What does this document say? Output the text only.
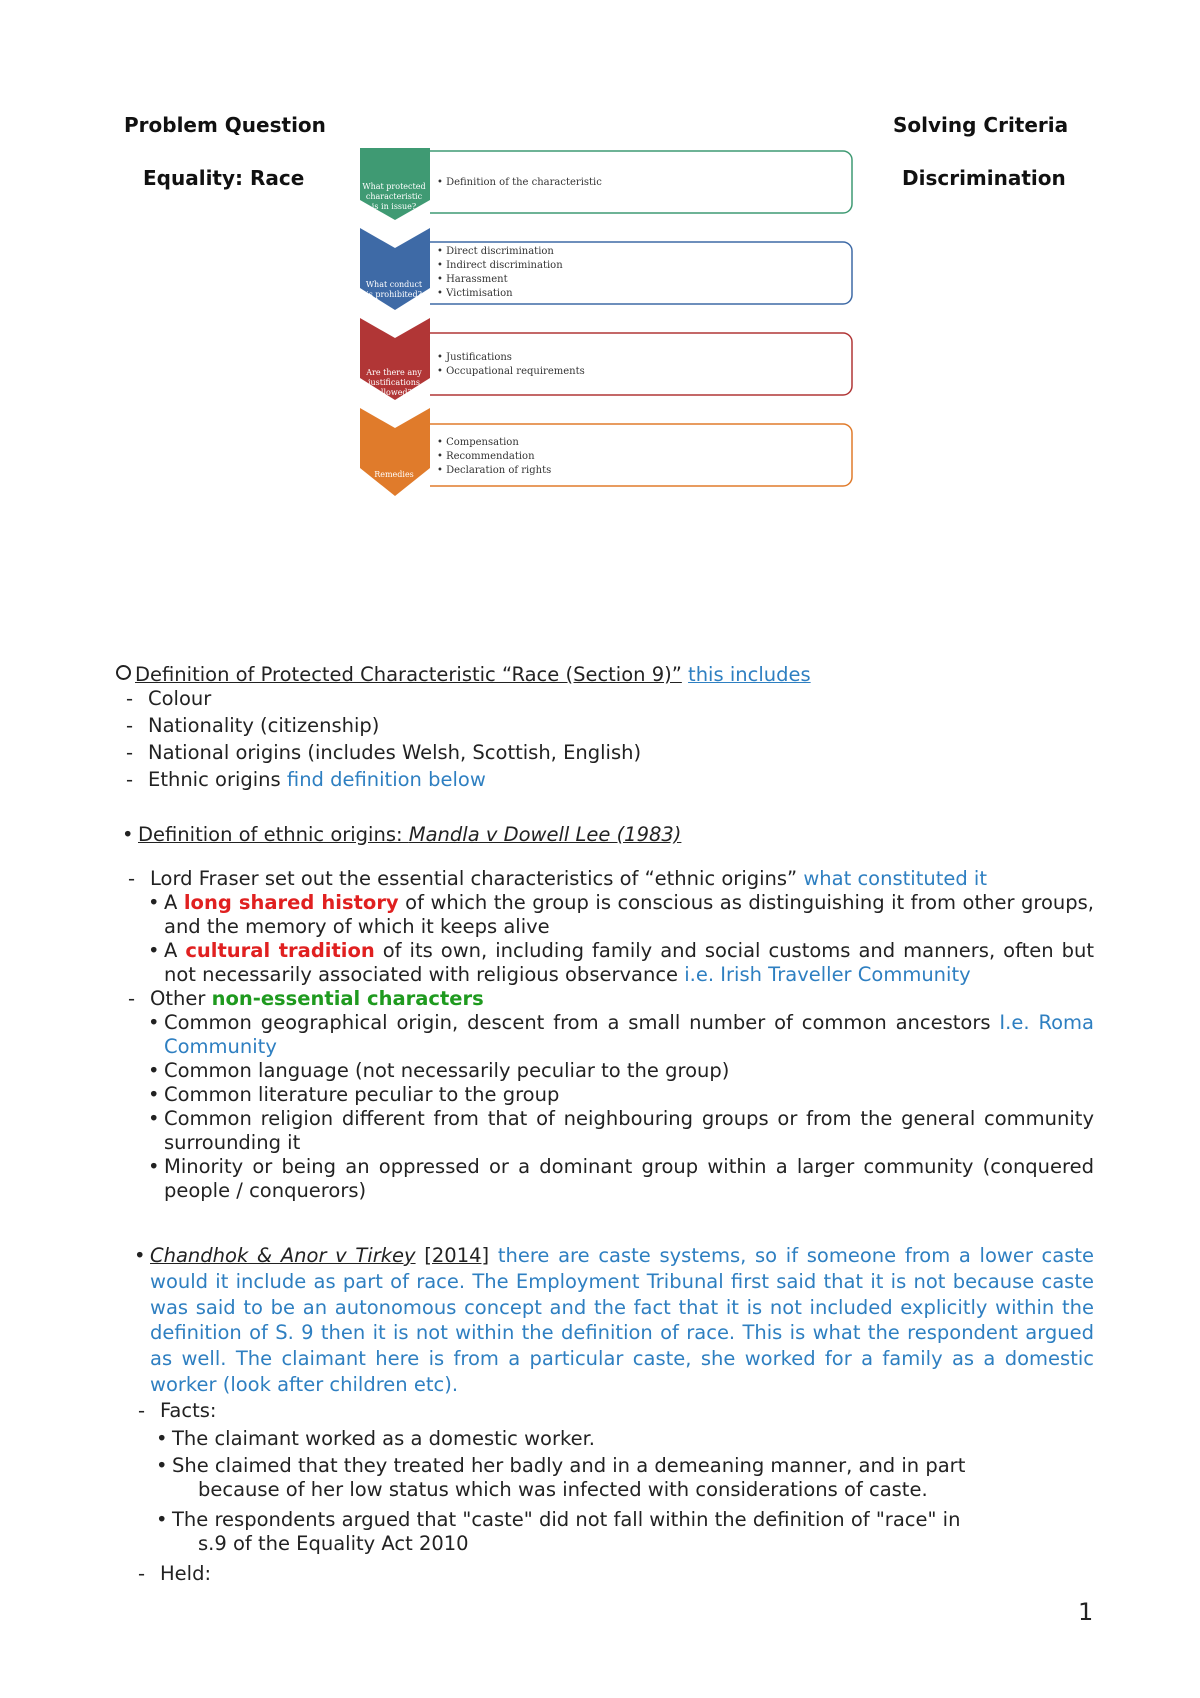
Problem Question
Equality: Race
Solving Criteria
Discrimination
What protected characteristic is in issue?
What conduct is prohibited?
Are there any justifications allowed?
Remedies
• Definition of the characteristic
• Direct discrimination
• Indirect discrimination
• Harassment
• Victimisation
• Justifications
• Occupational requirements
• Compensation
• Recommendation
• Declaration of rights
Definition of Protected Characteristic “Race (Section 9)” this includes
- Colour
- Nationality (citizenship)
- National origins (includes Welsh, Scottish, English)
- Ethnic origins find definition below
• Definition of ethnic origins: Mandla v Dowell Lee (1983)
- Lord Fraser set out the essential characteristics of “ethnic origins” what constituted it
• A long shared history of which the group is conscious as distinguishing it from other groups, and the memory of which it keeps alive
• A cultural tradition of its own, including family and social customs and manners, often but not necessarily associated with religious observance i.e. Irish Traveller Community
- Other non-essential characters
• Common geographical origin, descent from a small number of common ancestors I.e. Roma Community
• Common language (not necessarily peculiar to the group)
• Common literature peculiar to the group
• Common religion different from that of neighbouring groups or from the general community surrounding it
• Minority or being an oppressed or a dominant group within a larger community (conquered people / conquerors)
• Chandhok & Anor v Tirkey [2014] there are caste systems, so if someone from a lower caste would it include as part of race. The Employment Tribunal first said that it is not because caste was said to be an autonomous concept and the fact that it is not included explicitly within the definition of S. 9 then it is not within the definition of race. This is what the respondent argued as well. The claimant here is from a particular caste, she worked for a family as a domestic worker (look after children etc).
- Facts:
• The claimant worked as a domestic worker.
• She claimed that they treated her badly and in a demeaning manner, and in part
because of her low status which was infected with considerations of caste.
• The respondents argued that "caste" did not fall within the definition of "race" in
s.9 of the Equality Act 2010
- Held:
1
